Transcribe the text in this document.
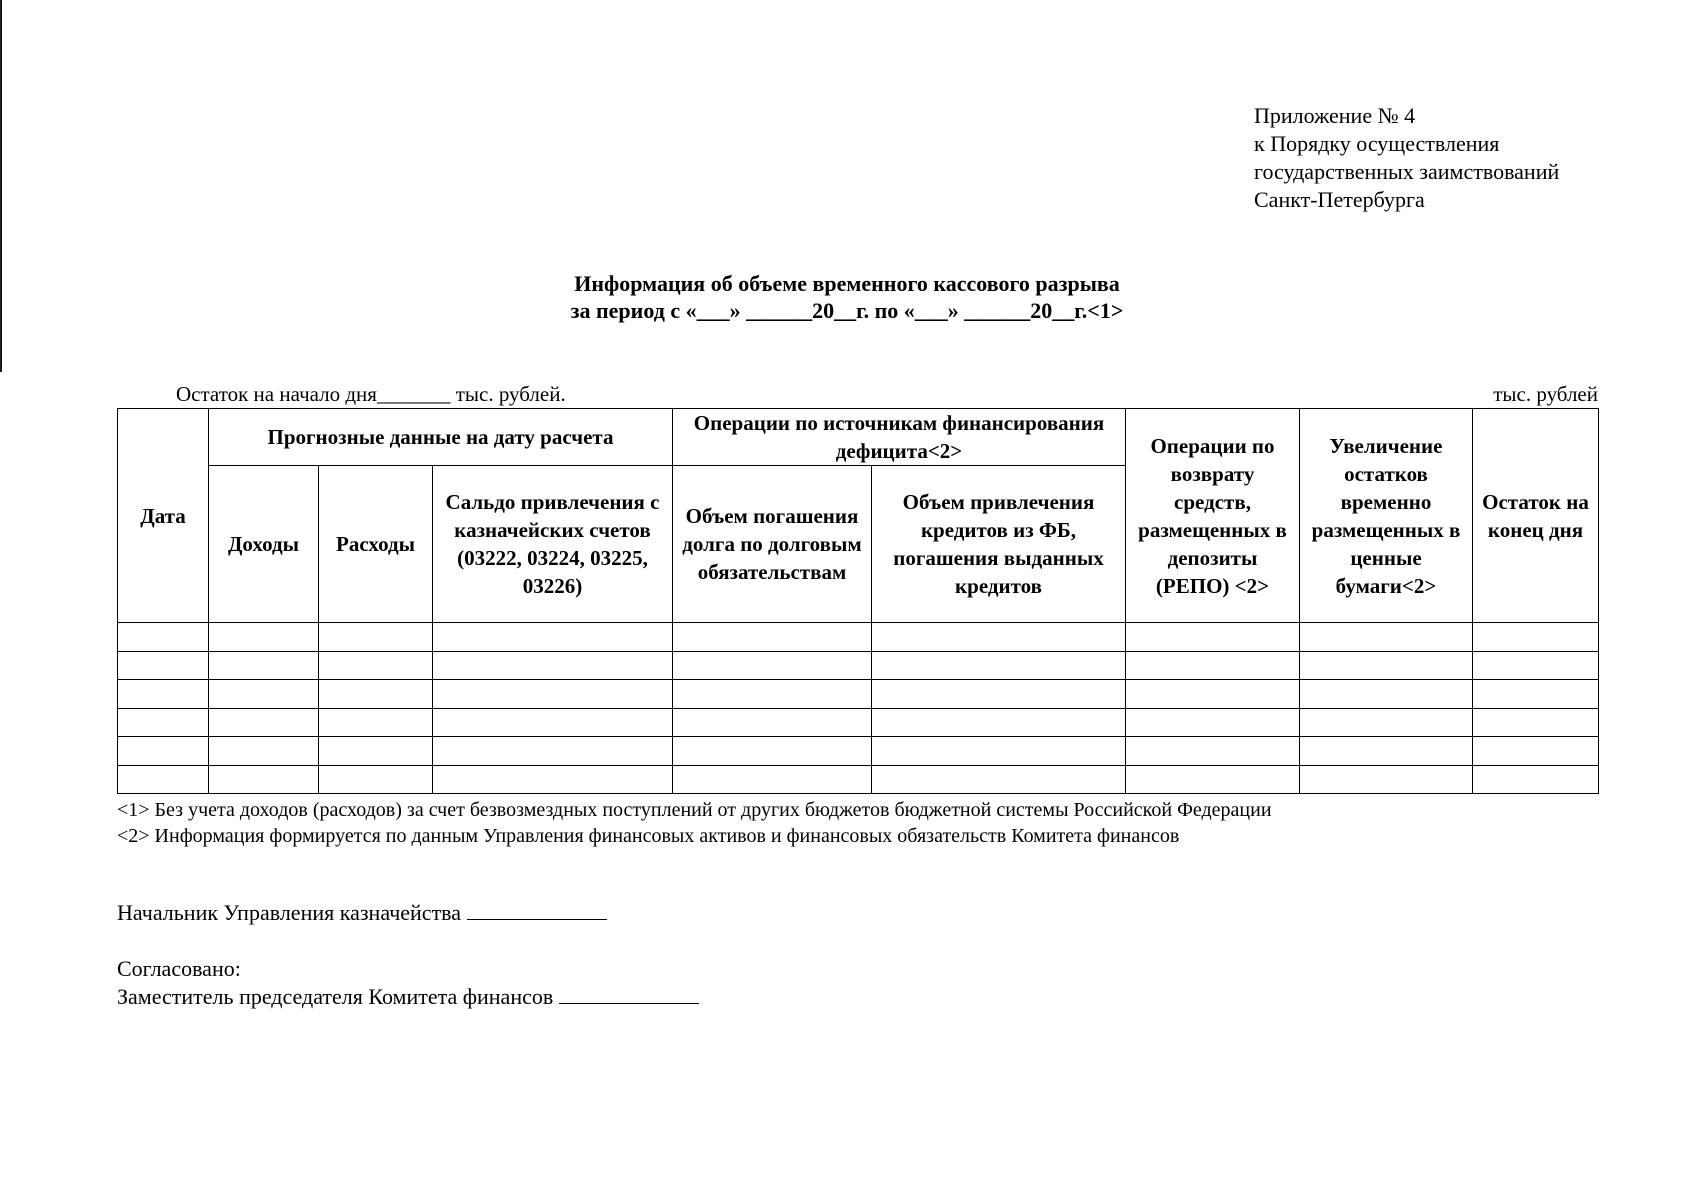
Приложение № 4
к Порядку осуществления
государственных заимствований
Санкт-Петербурга
Информация об объеме временного кассового разрыва
за период с «___» ______20__г. по «___» ______20__г.<1>
Остаток на начало дня_______ тыс. рублей.	тыс. рублей
Дата	Прогнозные данные на дату расчета			Операции по источникам финансирования дефицита<2>		Операции по возврату средств, размещенных в депозиты (РЕПО) <2>	Увеличение остатков временно размещенных в ценные бумаги<2>	Остаток на конец дня
	Доходы	Расходы	Сальдо привлечения с казначейских счетов (03222, 03224, 03225, 03226)	Объем погашения долга по долговым обязательствам	Объем привлечения кредитов из ФБ, погашения выданных кредитов			

<1> Без учета доходов (расходов) за счет безвозмездных поступлений от других бюджетов бюджетной системы Российской Федерации
<2> Информация формируется по данным Управления финансовых активов и финансовых обязательств Комитета финансов
Начальник Управления казначейства
Согласовано:
Заместитель председателя Комитета финансов
